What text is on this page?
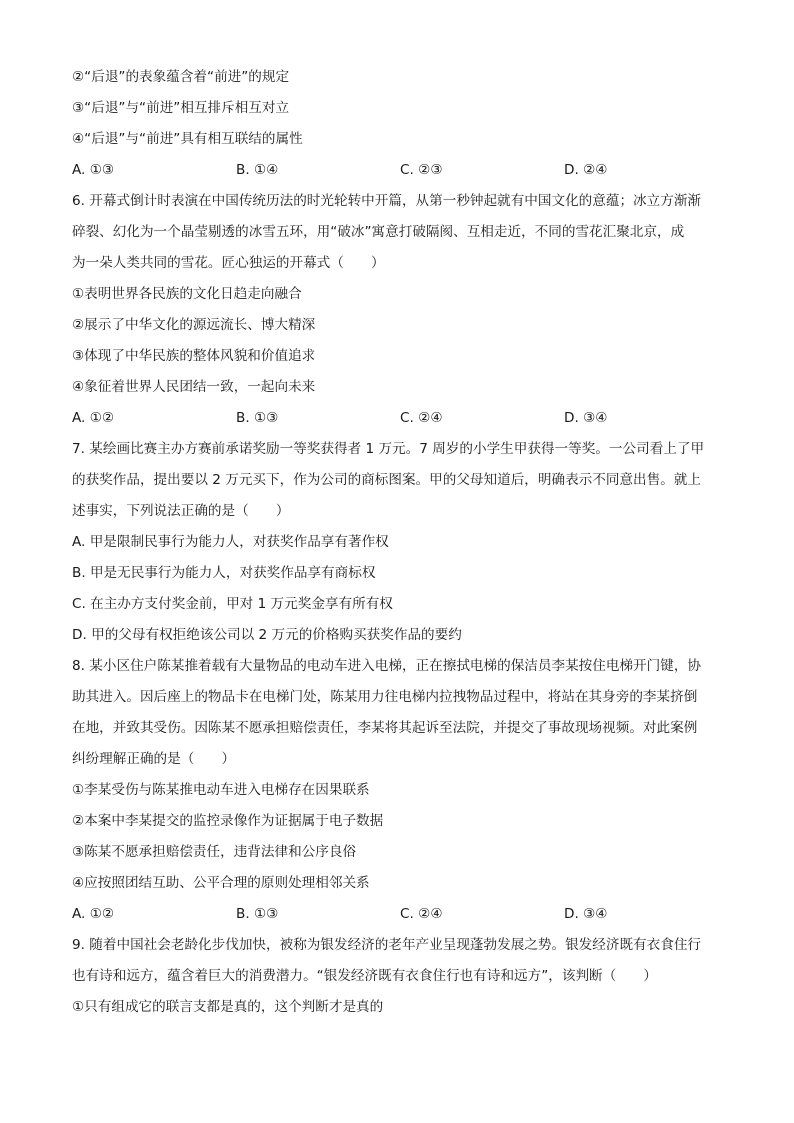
②“后退”的表象蕴含着“前进”的规定
③“后退”与“前进”相互排斥相互对立
④“后退”与“前进”具有相互联结的属性
A. ①③	B. ①④	C. ②③	D. ②④
6. 开幕式倒计时表演在中国传统历法的时光轮转中开篇，从第一秒钟起就有中国文化的意蕴；冰立方渐渐
碎裂、幻化为一个晶莹剔透的冰雪五环，用“破冰”寓意打破隔阂、互相走近，不同的雪花汇聚北京，成
为一朵人类共同的雪花。匠心独运的开幕式（　　）
①表明世界各民族的文化日趋走向融合
②展示了中华文化的源远流长、博大精深
③体现了中华民族的整体风貌和价值追求
④象征着世界人民团结一致，一起向未来
A. ①②	B. ①③	C. ②④	D. ③④
7. 某绘画比赛主办方赛前承诺奖励一等奖获得者 1 万元。7 周岁的小学生甲获得一等奖。一公司看上了甲
的获奖作品，提出要以 2 万元买下，作为公司的商标图案。甲的父母知道后，明确表示不同意出售。就上
述事实，下列说法正确的是（　　）
A. 甲是限制民事行为能力人，对获奖作品享有著作权
B. 甲是无民事行为能力人，对获奖作品享有商标权
C. 在主办方支付奖金前，甲对 1 万元奖金享有所有权
D. 甲的父母有权拒绝该公司以 2 万元的价格购买获奖作品的要约
8. 某小区住户陈某推着载有大量物品的电动车进入电梯，正在擦拭电梯的保洁员李某按住电梯开门键，协
助其进入。因后座上的物品卡在电梯门处，陈某用力往电梯内拉拽物品过程中，将站在其身旁的李某挤倒
在地，并致其受伤。因陈某不愿承担赔偿责任，李某将其起诉至法院，并提交了事故现场视频。对此案例
纠纷理解正确的是（　　）
①李某受伤与陈某推电动车进入电梯存在因果联系
②本案中李某提交的监控录像作为证据属于电子数据
③陈某不愿承担赔偿责任，违背法律和公序良俗
④应按照团结互助、公平合理的原则处理相邻关系
A. ①②	B. ①③	C. ②④	D. ③④
9. 随着中国社会老龄化步伐加快，被称为银发经济的老年产业呈现蓬勃发展之势。银发经济既有衣食住行
也有诗和远方，蕴含着巨大的消费潜力。“银发经济既有衣食住行也有诗和远方”，该判断（　　）
①只有组成它的联言支都是真的，这个判断才是真的
